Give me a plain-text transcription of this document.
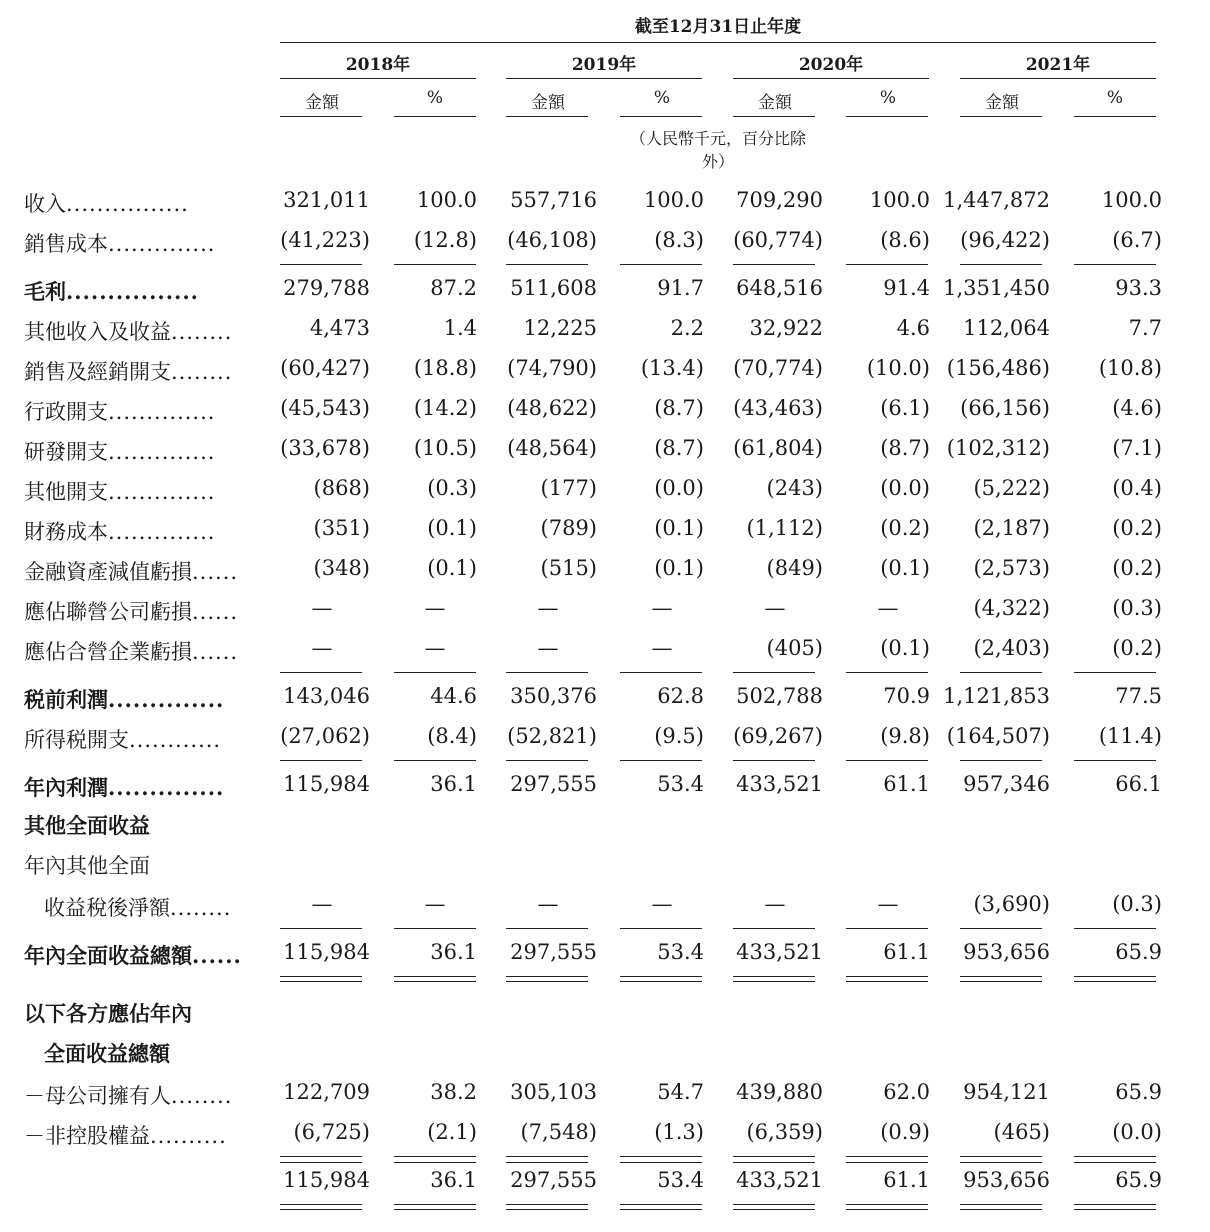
截至12月31日止年度
2018年	2019年	2020年	2021年
金額	%	金額	%	金額	%	金額	%
（人民幣千元，百分比除外）
收入................	321,011	100.0	557,716	100.0	709,290	100.0 1,447,872	100.0
銷售成本..............	(41,223)	(12.8)	(46,108)	(8.3)	(60,774)	(8.6)	(96,422)	(6.7)
毛利................	279,788	87.2	511,608	91.7	648,516	91.4 1,351,450	93.3
其他收入及收益........	4,473	1.4	12,225	2.2	32,922	4.6	112,064	7.7
銷售及經銷開支........	(60,427)	(18.8)	(74,790)	(13.4)	(70,774)	(10.0) (156,486)	(10.8)
行政開支..............	(45,543)	(14.2)	(48,622)	(8.7)	(43,463)	(6.1)	(66,156)	(4.6)
研發開支..............	(33,678)	(10.5)	(48,564)	(8.7)	(61,804)	(8.7) (102,312)	(7.1)
其他開支..............	(868)	(0.3)	(177)	(0.0)	(243)	(0.0)	(5,222)	(0.4)
財務成本..............	(351)	(0.1)	(789)	(0.1)	(1,112)	(0.2)	(2,187)	(0.2)
金融資產減值虧損......	(348)	(0.1)	(515)	(0.1)	(849)	(0.1)	(2,573)	(0.2)
應佔聯營公司虧損......	—	—	—	—	—	—	(4,322)	(0.3)
應佔合營企業虧損......	—	—	—	—	(405)	(0.1)	(2,403)	(0.2)
税前利潤..............	143,046	44.6	350,376	62.8	502,788	70.9 1,121,853	77.5
所得税開支............	(27,062)	(8.4)	(52,821)	(9.5)	(69,267)	(9.8) (164,507)	(11.4)
年內利潤..............	115,984	36.1	297,555	53.4	433,521	61.1	957,346	66.1
其他全面收益
年內其他全面
收益稅後淨額........	—	—	—	—	—	—	(3,690)	(0.3)
年內全面收益總額......	115,984	36.1	297,555	53.4	433,521	61.1	953,656	65.9
以下各方應佔年內
全面收益總額
－母公司擁有人........	122,709	38.2	305,103	54.7	439,880	62.0	954,121	65.9
－非控股權益..........	(6,725)	(2.1)	(7,548)	(1.3)	(6,359)	(0.9)	(465)	(0.0)
115,984	36.1	297,555	53.4	433,521	61.1	953,656	65.9
